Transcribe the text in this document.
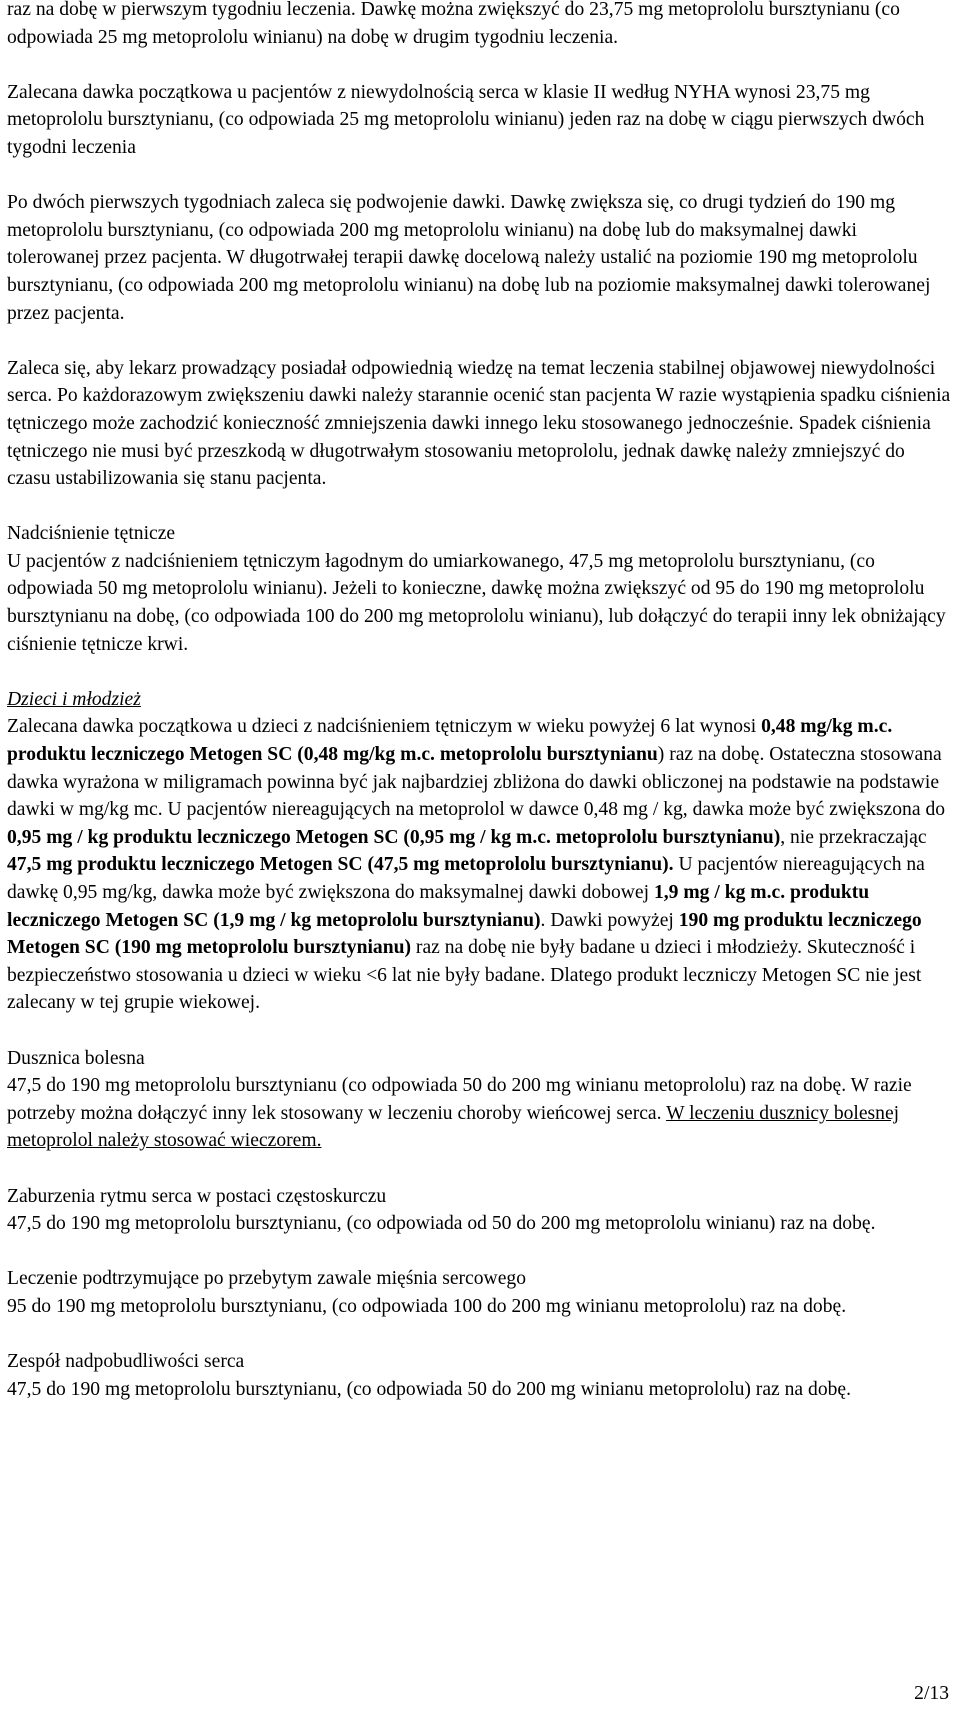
raz na dobę w pierwszym tygodniu leczenia. Dawkę można zwiększyć do 23,75 mg metoprololu bursztynianu (co odpowiada 25 mg metoprololu winianu) na dobę w drugim tygodniu leczenia.

Zalecana dawka początkowa u pacjentów z niewydolnością serca w klasie II według NYHA wynosi 23,75 mg metoprololu bursztynianu, (co odpowiada 25 mg metoprololu winianu) jeden raz na dobę w ciągu pierwszych dwóch tygodni leczenia

Po dwóch pierwszych tygodniach zaleca się podwojenie dawki. Dawkę zwiększa się, co drugi tydzień do 190 mg metoprololu bursztynianu, (co odpowiada 200 mg metoprololu winianu) na dobę lub do maksymalnej dawki tolerowanej przez pacjenta. W długotrwałej terapii dawkę docelową należy ustalić na poziomie 190 mg metoprololu bursztynianu, (co odpowiada 200 mg metoprololu winianu) na dobę lub na poziomie maksymalnej dawki tolerowanej przez pacjenta.

Zaleca się, aby lekarz prowadzący posiadał odpowiednią wiedzę na temat leczenia stabilnej objawowej niewydolności serca. Po każdorazowym zwiększeniu dawki należy starannie ocenić stan pacjenta W razie wystąpienia spadku ciśnienia tętniczego może zachodzić konieczność zmniejszenia dawki innego leku stosowanego jednocześnie. Spadek ciśnienia tętniczego nie musi być przeszkodą w długotrwałym stosowaniu metoprololu, jednak dawkę należy zmniejszyć do czasu ustabilizowania się stanu pacjenta.

Nadciśnienie tętnicze
U pacjentów z nadciśnieniem tętniczym łagodnym do umiarkowanego, 47,5 mg metoprololu bursztynianu, (co odpowiada 50 mg metoprololu winianu). Jeżeli to konieczne, dawkę można zwiększyć od 95 do 190 mg metoprololu bursztynianu na dobę, (co odpowiada 100 do 200 mg metoprololu winianu), lub dołączyć do terapii inny lek obniżający ciśnienie tętnicze krwi.

Dzieci i młodzież
Zalecana dawka początkowa u dzieci z nadciśnieniem tętniczym w wieku powyżej 6 lat wynosi 0,48 mg/kg m.c. produktu leczniczego Metogen SC (0,48 mg/kg m.c. metoprololu bursztynianu) raz na dobę. Ostateczna stosowana dawka wyrażona w miligramach powinna być jak najbardziej zbliżona do dawki obliczonej na podstawie na podstawie dawki w mg/kg mc. U pacjentów niereagujących na metoprolol w dawce 0,48 mg / kg, dawka może być zwiększona do 0,95 mg / kg produktu leczniczego Metogen SC (0,95 mg / kg m.c. metoprololu bursztynianu), nie przekraczając 47,5 mg produktu leczniczego Metogen SC (47,5 mg metoprololu bursztynianu). U pacjentów niereagujących na dawkę 0,95 mg/kg, dawka może być zwiększona do maksymalnej dawki dobowej 1,9 mg / kg m.c. produktu leczniczego Metogen SC (1,9 mg / kg metoprololu bursztynianu). Dawki powyżej 190 mg produktu leczniczego Metogen SC (190 mg metoprololu bursztynianu) raz na dobę nie były badane u dzieci i młodzieży. Skuteczność i bezpieczeństwo stosowania u dzieci w wieku <6 lat nie były badane. Dlatego produkt leczniczy Metogen SC nie jest zalecany w tej grupie wiekowej.

Dusznica bolesna
47,5 do 190 mg metoprololu bursztynianu (co odpowiada 50 do 200 mg winianu metoprololu) raz na dobę. W razie potrzeby można dołączyć inny lek stosowany w leczeniu choroby wieńcowej serca. W leczeniu duszniсy bolesnej metoprolol należy stosować wieczorem.

Zaburzenia rytmu serca w postaci częstoskurczu
47,5 do 190 mg metoprololu bursztynianu, (co odpowiada od 50 do 200 mg metoprololu winianu) raz na dobę.

Leczenie podtrzymujące po przebytym zawale mięśnia sercowego
95 do 190 mg metoprololu bursztynianu, (co odpowiada 100 do 200 mg winianu metoprololu) raz na dobę.

Zespół nadpobudliwości serca
47,5 do 190 mg metoprololu bursztynianu, (co odpowiada 50 do 200 mg winianu metoprololu) raz na dobę.

2/13
